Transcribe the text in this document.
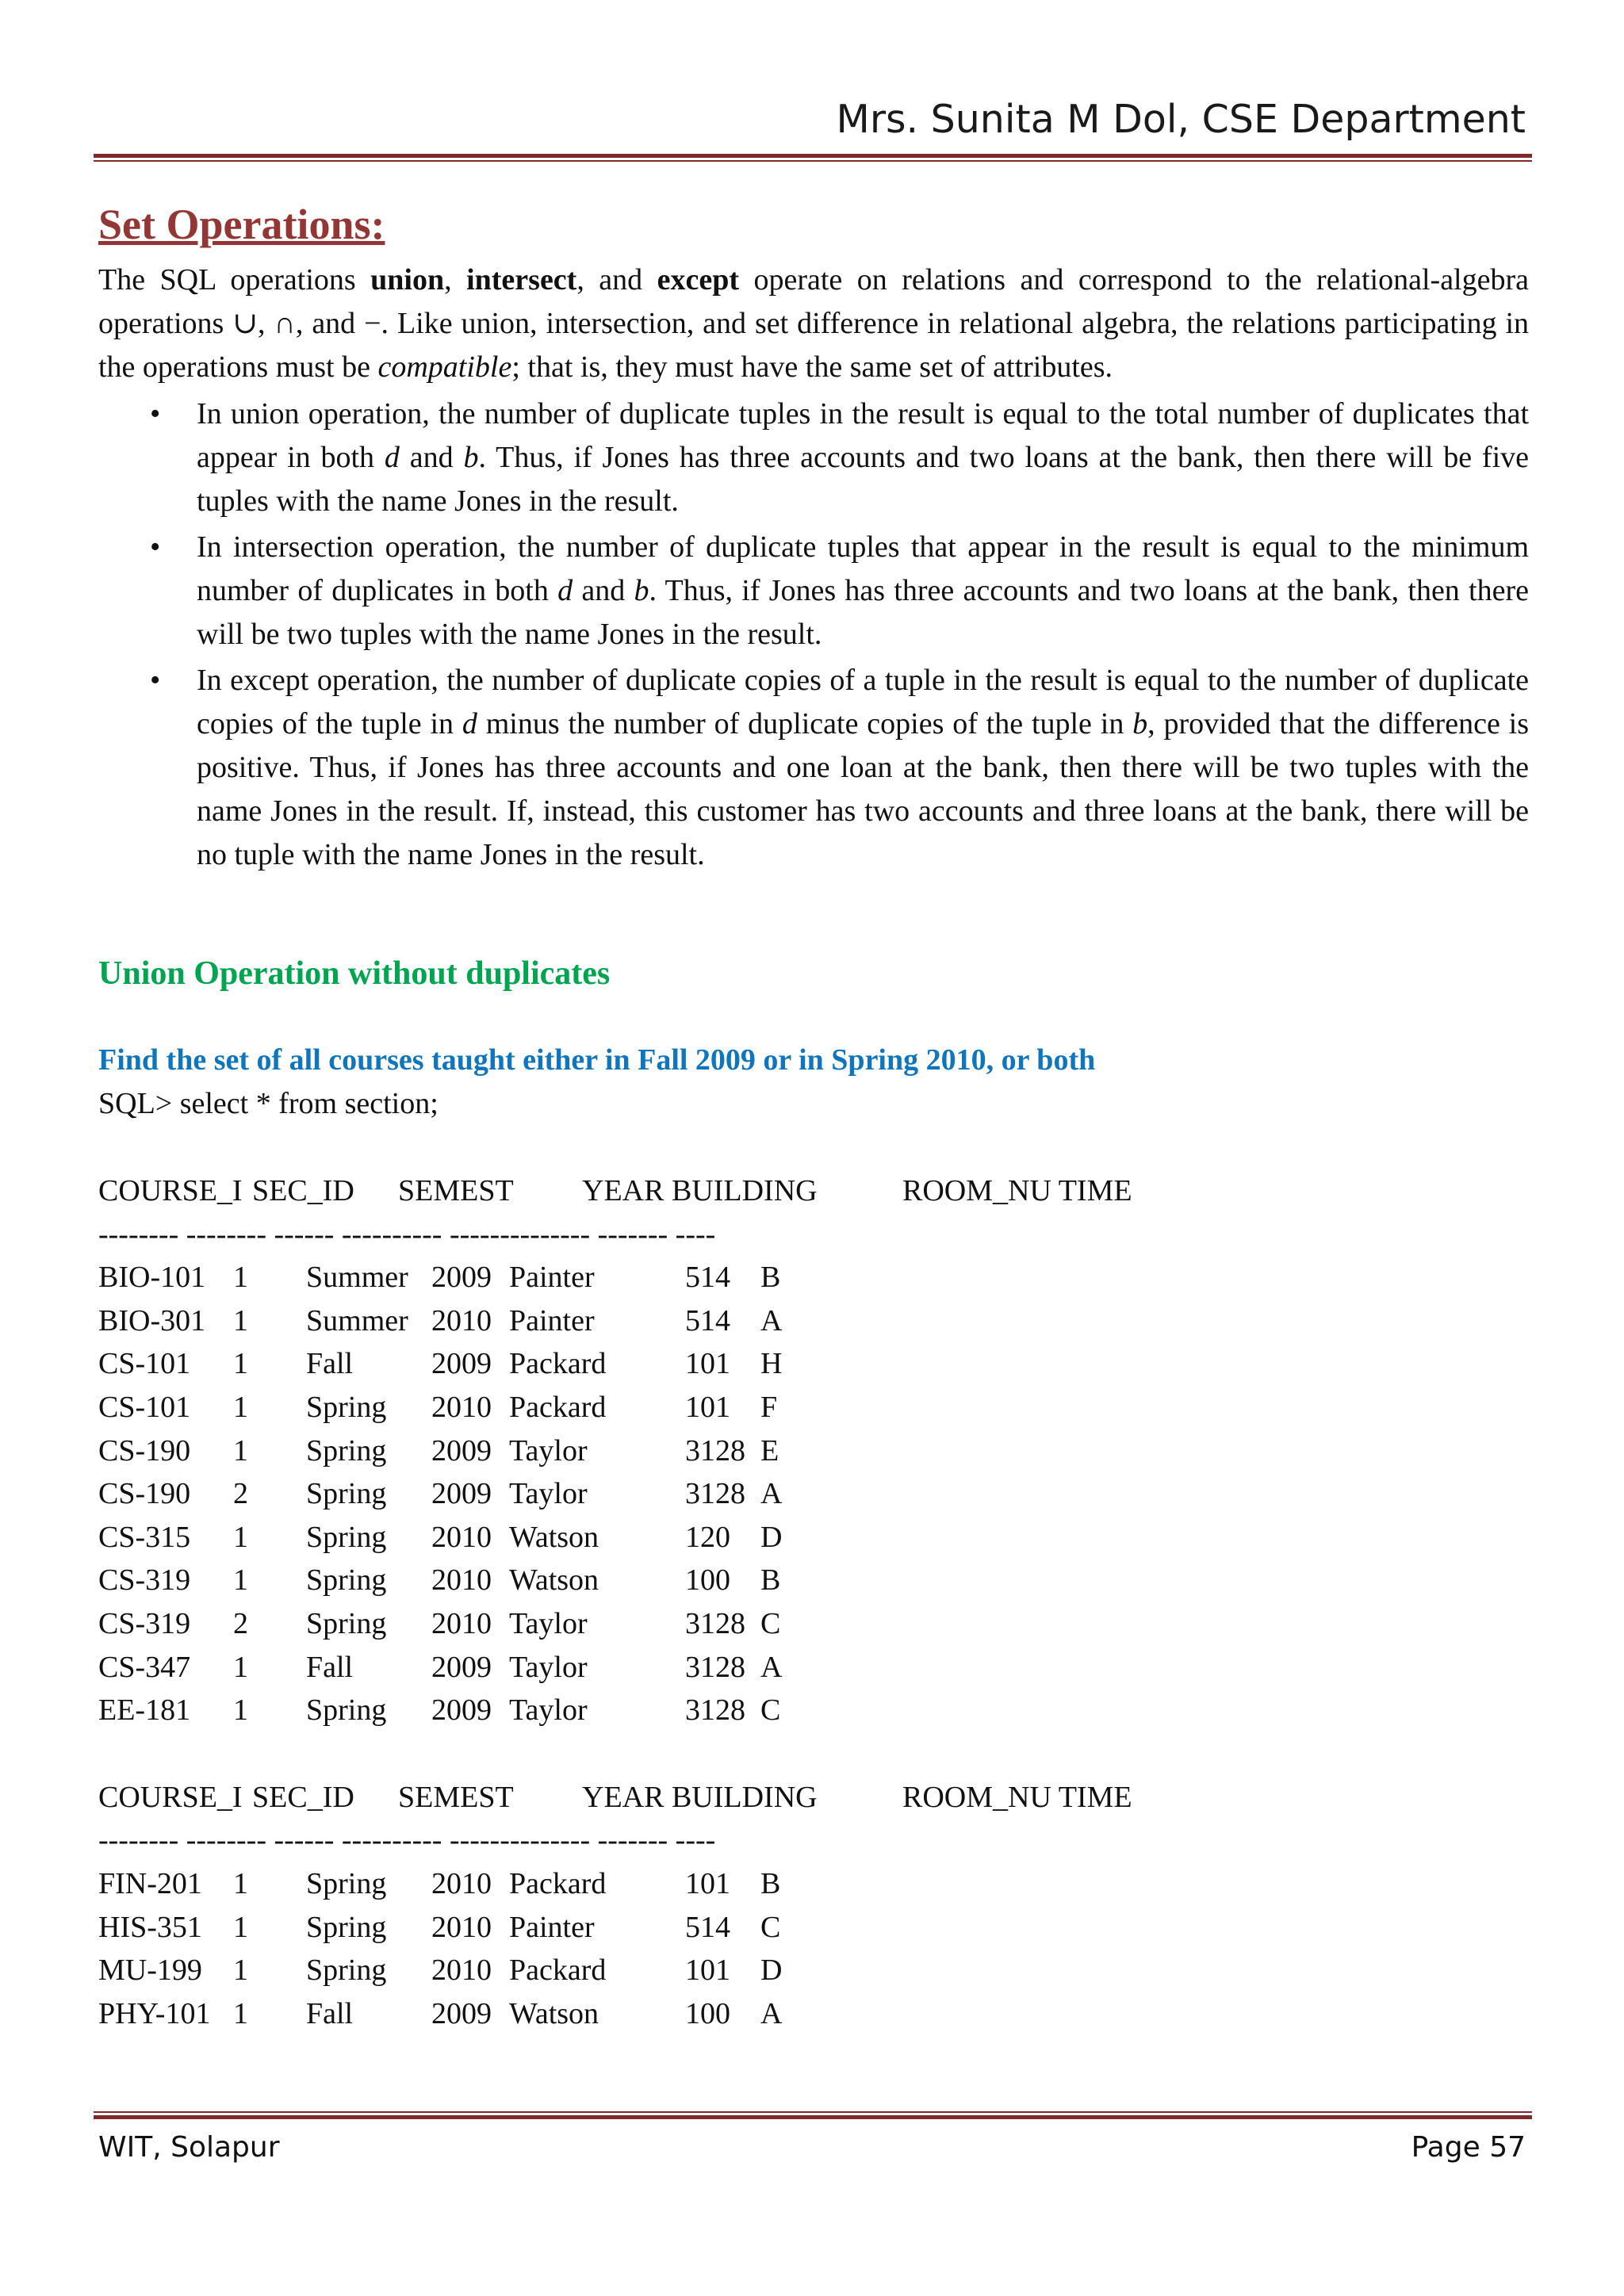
Mrs. Sunita M Dol, CSE Department
Set Operations:

The SQL operations union, intersect, and except operate on relations and correspond to the relational-algebra operations ∪, ∩, and −. Like union, intersection, and set difference in relational algebra, the relations participating in the operations must be compatible; that is, they must have the same set of attributes.

• In union operation, the number of duplicate tuples in the result is equal to the total number of duplicates that appear in both d and b. Thus, if Jones has three accounts and two loans at the bank, then there will be five tuples with the name Jones in the result.
• In intersection operation, the number of duplicate tuples that appear in the result is equal to the minimum number of duplicates in both d and b. Thus, if Jones has three accounts and two loans at the bank, then there will be two tuples with the name Jones in the result.
• In except operation, the number of duplicate copies of a tuple in the result is equal to the number of duplicate copies of the tuple in d minus the number of duplicate copies of the tuple in b, provided that the difference is positive. Thus, if Jones has three accounts and one loan at the bank, then there will be two tuples with the name Jones in the result. If, instead, this customer has two accounts and three loans at the bank, there will be no tuple with the name Jones in the result.
Union Operation without duplicates
Find the set of all courses taught either in Fall 2009 or in Spring 2010, or both
SQL> select * from section;
COURSE_I SEC_ID SEMEST YEAR BUILDING	ROOM_NU TIME
-------- -------- ------ ---------- -------------- ------- ----
BIO-101 1 Summer 2009 Painter	514 B
BIO-301 1 Summer 2010 Painter	514 A
CS-101 1 Fall	2009 Packard	101 H
CS-101 1 Spring 2010 Packard	101 F
CS-190 1 Spring 2009 Taylor	3128 E
CS-190 2 Spring 2009 Taylor	3128 A
CS-315 1 Spring 2010 Watson	120 D
CS-319 1 Spring 2010 Watson	100 B
CS-319 2 Spring 2010 Taylor	3128 C
CS-347 1 Fall	2009 Taylor	3128 A
EE-181 1 Spring 2009 Taylor	3128 C
COURSE_I SEC_ID SEMEST YEAR BUILDING	ROOM_NU TIME
-------- -------- ------ ---------- -------------- ------- ----
FIN-201 1 Spring 2010 Packard	101 B
HIS-351 1 Spring 2010 Painter	514 C
MU-199 1 Spring 2010 Packard	101 D
PHY-101 1 Fall	2009 Watson	100 A
WIT, Solapur	Page 57
